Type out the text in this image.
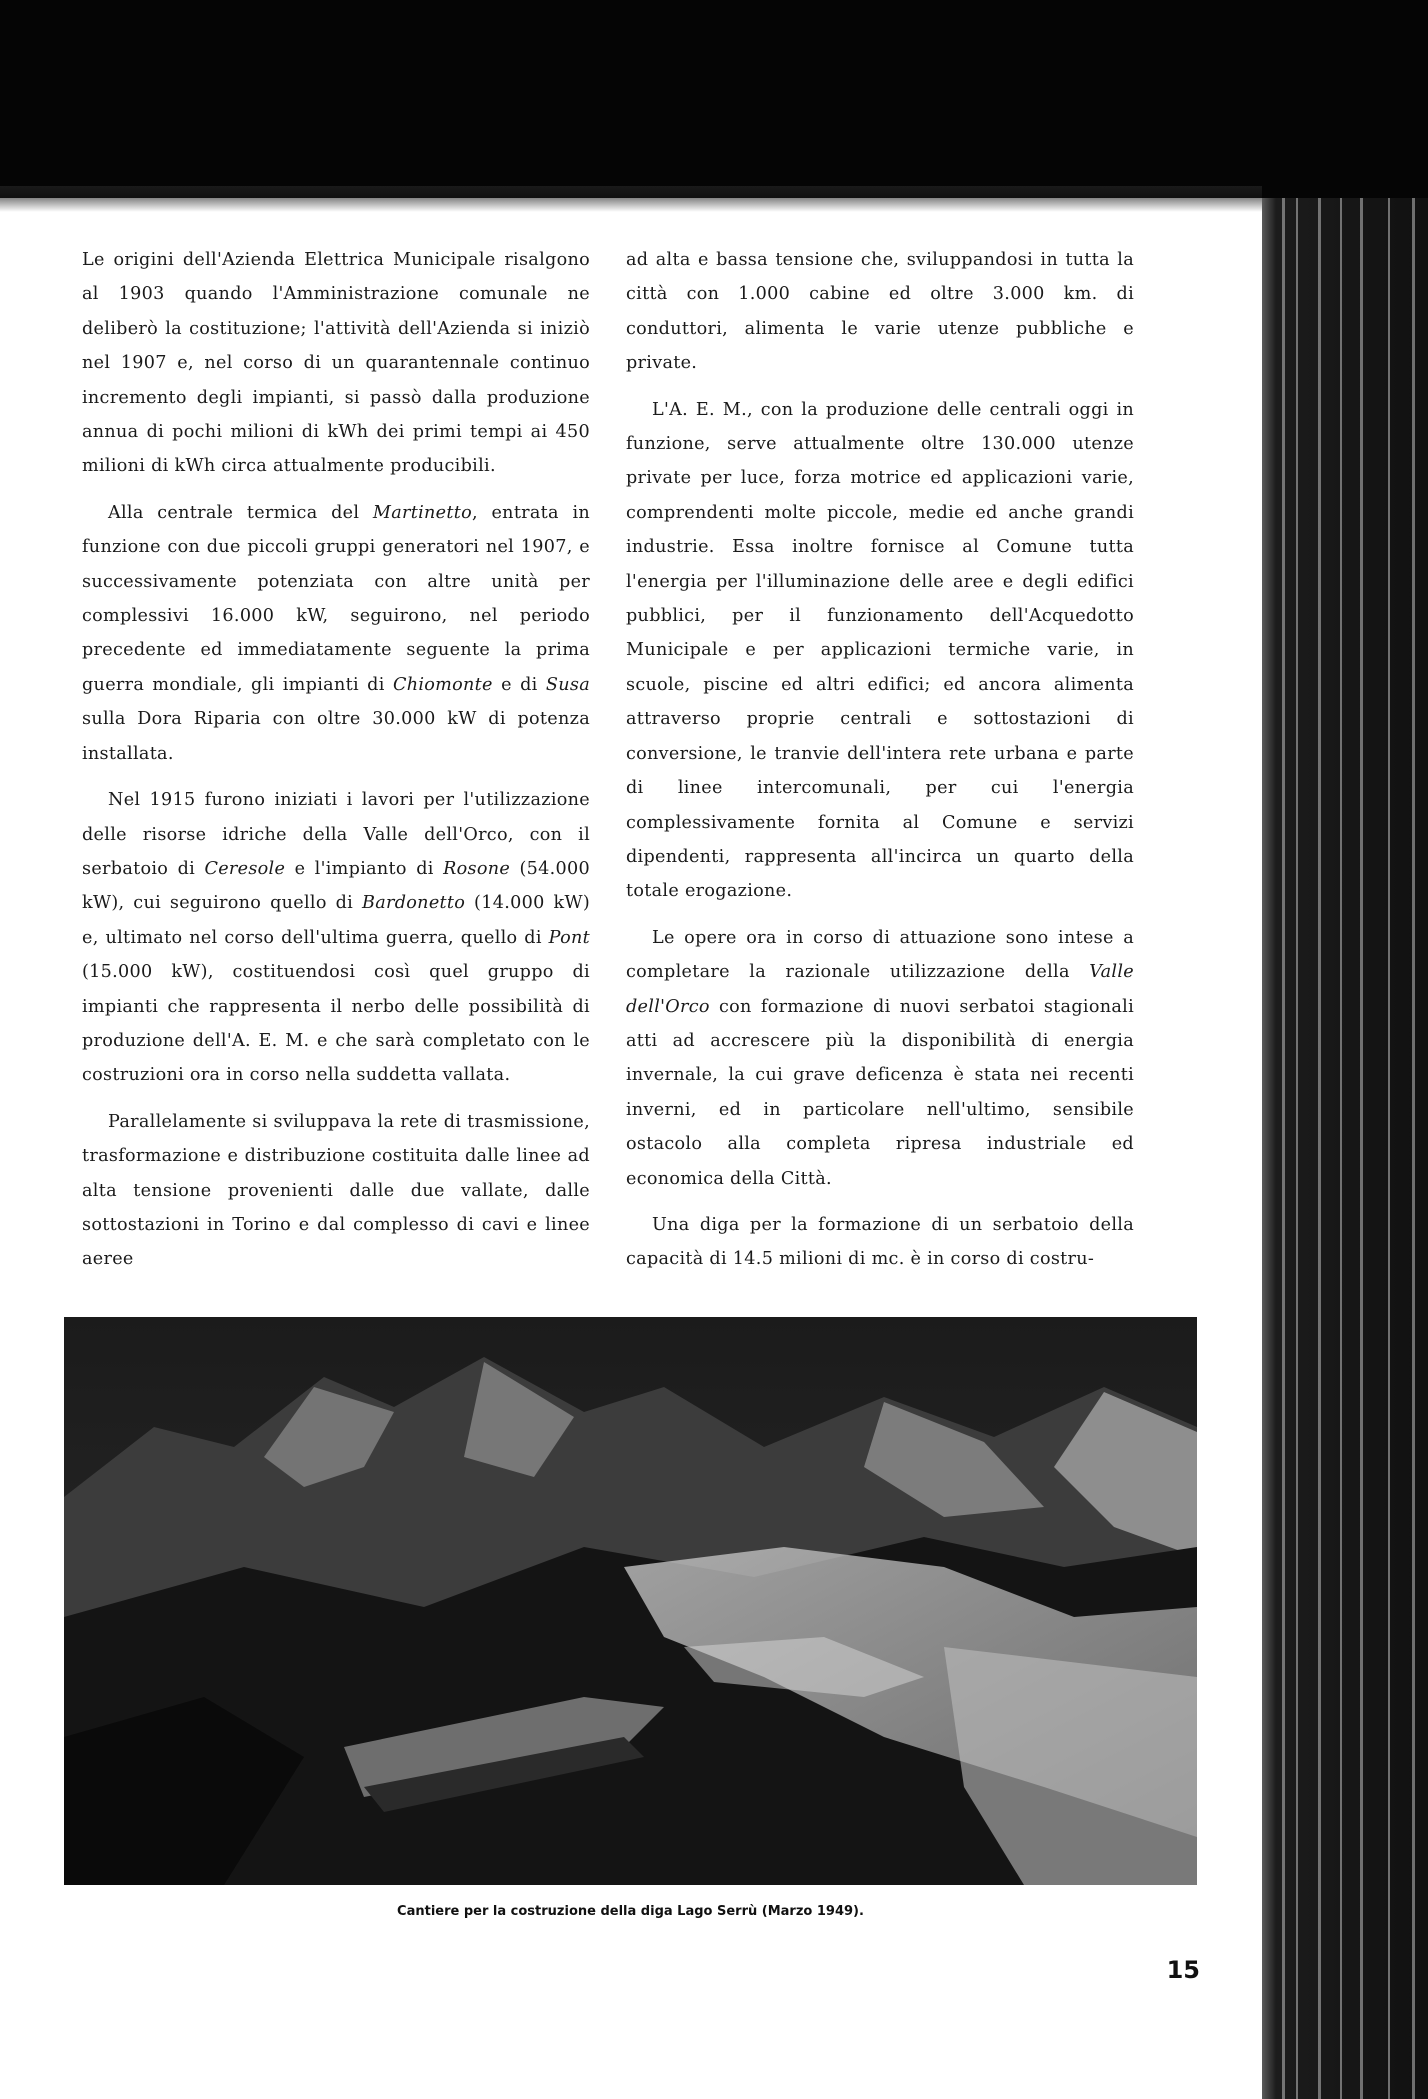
Le origini dell'Azienda Elettrica Municipale risalgono al 1903 quando l'Amministrazione comunale ne deliberò la costituzione; l'attività dell'Azienda si iniziò nel 1907 e, nel corso di un quarantennale continuo incremento degli impianti, si passò dalla produzione annua di pochi milioni di kWh dei primi tempi ai 450 milioni di kWh circa attualmente producibili.

Alla centrale termica del Martinetto, entrata in funzione con due piccoli gruppi generatori nel 1907, e successivamente potenziata con altre unità per complessivi 16.000 kW, seguirono, nel periodo precedente ed immediatamente seguente la prima guerra mondiale, gli impianti di Chiomonte e di Susa sulla Dora Riparia con oltre 30.000 kW di potenza installata.

Nel 1915 furono iniziati i lavori per l'utilizzazione delle risorse idriche della Valle dell'Orco, con il serbatoio di Ceresole e l'impianto di Rosone (54.000 kW), cui seguirono quello di Bardonetto (14.000 kW) e, ultimato nel corso dell'ultima guerra, quello di Pont (15.000 kW), costituendosi così quel gruppo di impianti che rappresenta il nerbo delle possibilità di produzione dell'A. E. M. e che sarà completato con le costruzioni ora in corso nella suddetta vallata.

Parallelamente si sviluppava la rete di trasmissione, trasformazione e distribuzione costituita dalle linee ad alta tensione provenienti dalle due vallate, dalle sottostazioni in Torino e dal complesso di cavi e linee aeree

ad alta e bassa tensione che, sviluppandosi in tutta la città con 1.000 cabine ed oltre 3.000 km. di conduttori, alimenta le varie utenze pubbliche e private.

L'A. E. M., con la produzione delle centrali oggi in funzione, serve attualmente oltre 130.000 utenze private per luce, forza motrice ed applicazioni varie, comprendenti molte piccole, medie ed anche grandi industrie. Essa inoltre fornisce al Comune tutta l'energia per l'illuminazione delle aree e degli edifici pubblici, per il funzionamento dell'Acquedotto Municipale e per applicazioni termiche varie, in scuole, piscine ed altri edifici; ed ancora alimenta attraverso proprie centrali e sottostazioni di conversione, le tranvie dell'intera rete urbana e parte di linee intercomunali, per cui l'energia complessivamente fornita al Comune e servizi dipendenti, rappresenta all'incirca un quarto della totale erogazione.

Le opere ora in corso di attuazione sono intese a completare la razionale utilizzazione della Valle dell'Orco con formazione di nuovi serbatoi stagionali atti ad accrescere più la disponibilità di energia invernale, la cui grave deficenza è stata nei recenti inverni, ed in particolare nell'ultimo, sensibile ostacolo alla completa ripresa industriale ed economica della Città.

Una diga per la formazione di un serbatoio della capacità di 14.5 milioni di mc. è in corso di costru-

Cantiere per la costruzione della diga Lago Serrù (Marzo 1949).
15
